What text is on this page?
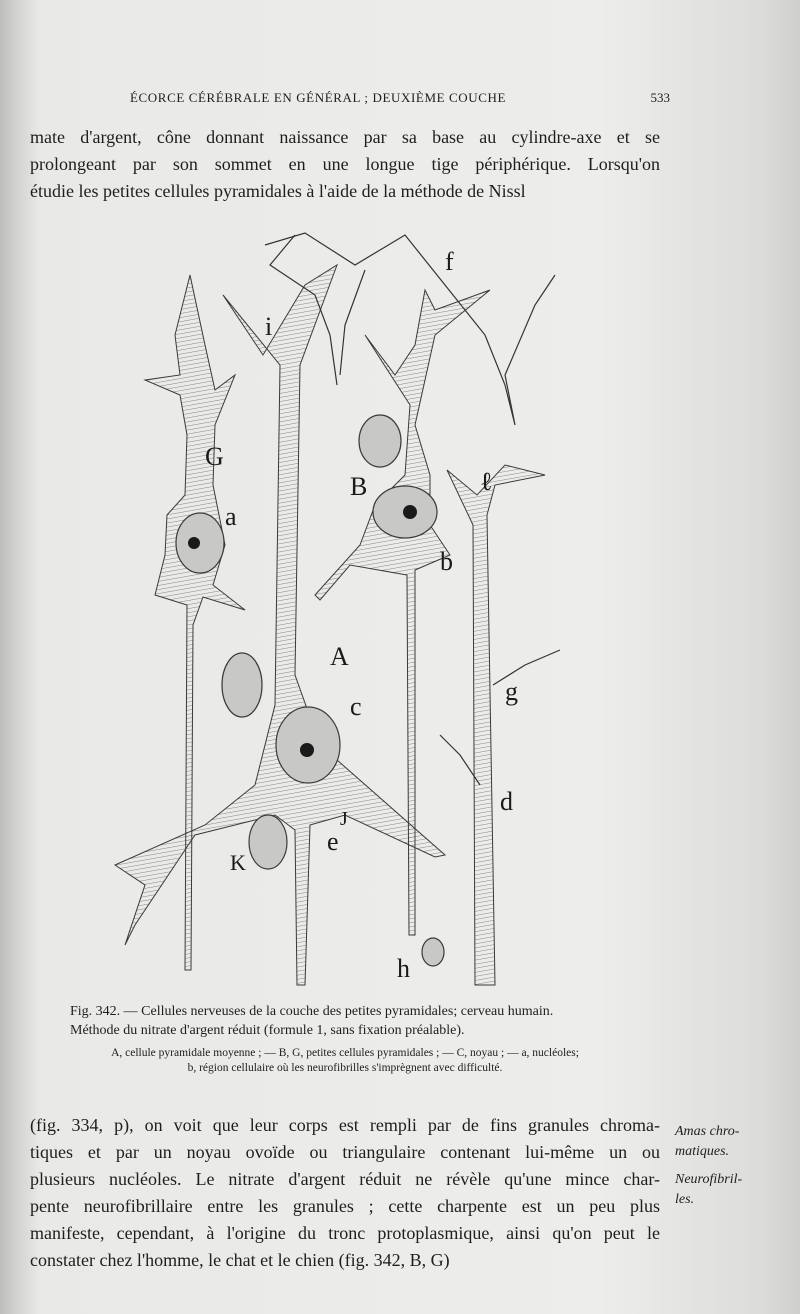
ÉCORCE CÉRÉBRALE EN GÉNÉRAL ; DEUXIÈME COUCHE	533
mate d'argent, cône donnant naissance par sa base au cylindre-axe et se
prolongeant par son sommet en une longue tige périphérique. Lorsqu'on
étudie les petites cellules pyramidales à l'aide de la méthode de Nissl
f
i
G
a
B	ℓ
b
A
c
g
d
J
e
K
h
Fig. 342. — Cellules nerveuses de la couche des petites pyramidales; cerveau humain.
Méthode du nitrate d'argent réduit (formule 1, sans fixation préalable).
A, cellule pyramidale moyenne ; — B, G, petites cellules pyramidales ; — C, noyau ; — a, nucléoles;
b, région cellulaire où les neurofibrilles s'imprègnent avec difficulté.
(fig. 334, p), on voit que leur corps est rempli par de fins granules chroma-
tiques et par un noyau ovoïde ou triangulaire contenant lui-même un ou
plusieurs nucléoles. Le nitrate d'argent réduit ne révèle qu'une mince char-
pente neurofibrillaire entre les granules ; cette charpente est un peu plus
manifeste, cependant, à l'origine du tronc protoplasmique, ainsi qu'on peut le
constater chez l'homme, le chat et le chien (fig. 342, B, G)
Amas chro-
matiques.
Neurofibril-
les.
